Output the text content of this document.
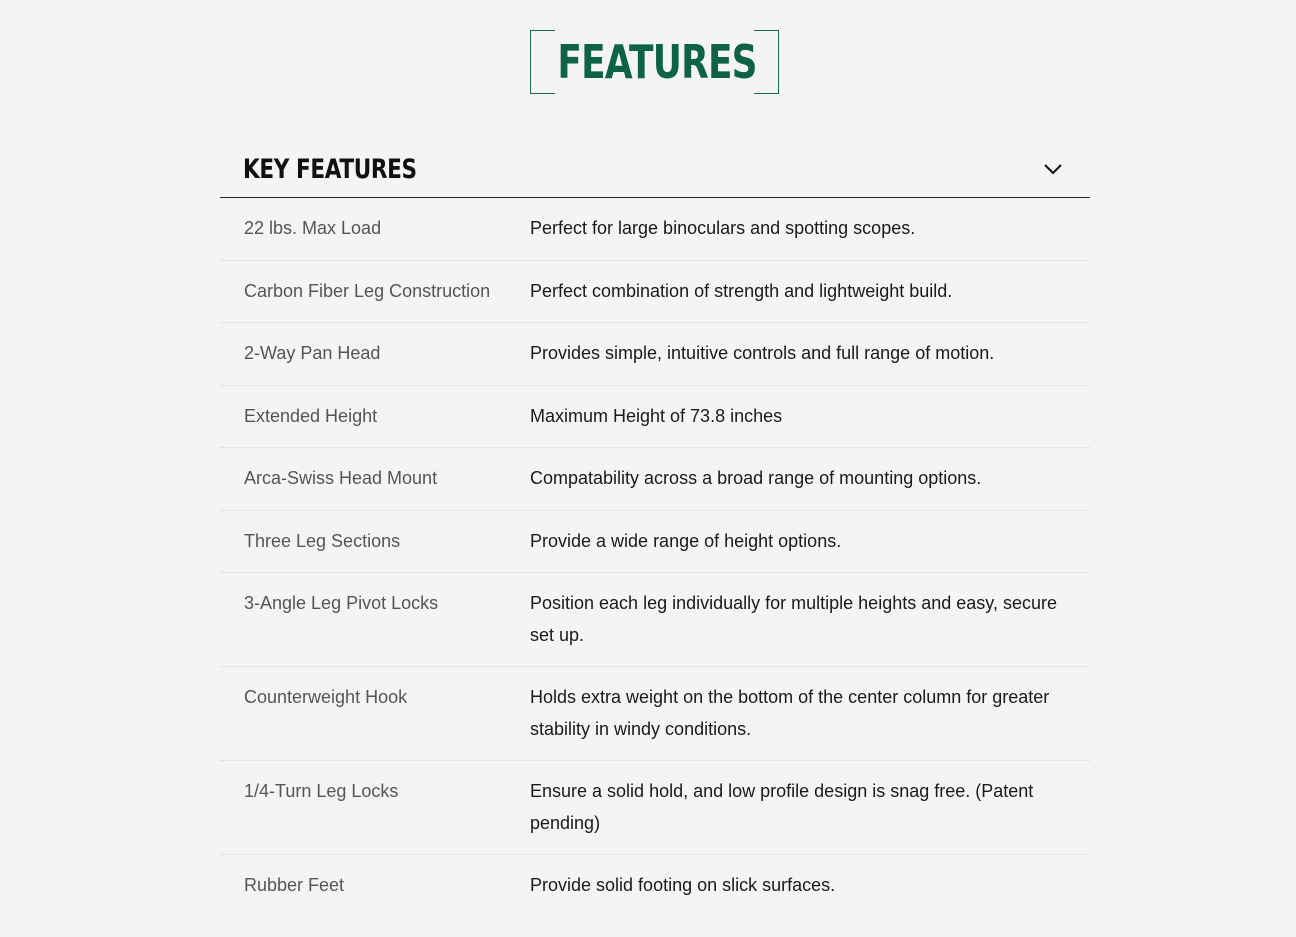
FEATURES
KEY FEATURES
22 lbs. Max Load	Perfect for large binoculars and spotting scopes.
Carbon Fiber Leg Construction	Perfect combination of strength and lightweight build.
2-Way Pan Head	Provides simple, intuitive controls and full range of motion.
Extended Height	Maximum Height of 73.8 inches
Arca-Swiss Head Mount	Compatability across a broad range of mounting options.
Three Leg Sections	Provide a wide range of height options.
3-Angle Leg Pivot Locks	Position each leg individually for multiple heights and easy, secure set up.
Counterweight Hook	Holds extra weight on the bottom of the center column for greater stability in windy conditions.
1/4-Turn Leg Locks	Ensure a solid hold, and low profile design is snag free. (Patent pending)
Rubber Feet	Provide solid footing on slick surfaces.
